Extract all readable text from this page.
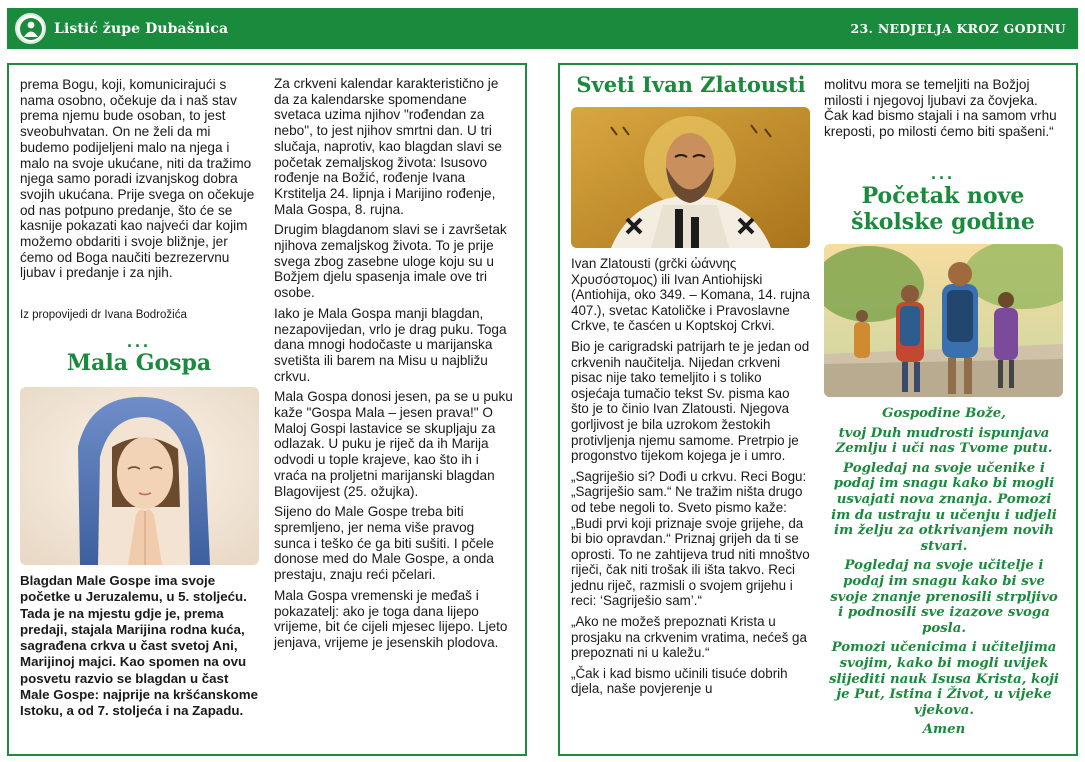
Listić župe Dubašnica	23. NEDJELJA KROZ GODINU

prema Bogu, koji, komunicirajući s nama osobno, očekuje da i naš stav prema njemu bude osoban, to jest sveobuhvatan. On ne želi da mi budemo podijeljeni malo na njega i malo na svoje ukućane, niti da tražimo njega samo poradi izvanjskog dobra svojih ukućana. Prije svega on očekuje od nas potpuno predanje, što će se kasnije pokazati kao najveći dar kojim možemo obdariti i svoje bližnje, jer ćemo od Boga naučiti bezrezervnu ljubav i predanje i za njih.

Iz propovijedi dr Ivana Bodrožića
...
Mala Gospa
Blagdan Male Gospe ima svoje početke u Jeruzalemu, u 5. stoljeću. Tada je na mjestu gdje je, prema predaji, stajala Marijina rodna kuća, sagrađena crkva u čast svetoj Ani, Marijinoj majci. Kao spomen na ovu posvetu razvio se blagdan u čast Male Gospe: najprije na kršćanskome Istoku, a od 7. stoljeća i na Zapadu.

Za crkveni kalendar karakteristično je da za kalendarske spomendane svetaca uzima njihov "rođendan za nebo", to jest njihov smrtni dan. U tri slučaja, naprotiv, kao blagdan slavi se početak zemaljskog života: Isusovo rođenje na Božić, rođenje Ivana Krstitelja 24. lipnja i Marijino rođenje, Mala Gospa, 8. rujna.

Drugim blagdanom slavi se i završetak njihova zemaljskog života. To je prije svega zbog zasebne uloge koju su u Božjem djelu spasenja imale ove tri osobe.

Iako je Mala Gospa manji blagdan, nezapovijedan, vrlo je drag puku. Toga dana mnogi hodočaste u marijanska svetišta ili barem na Misu u najbližu crkvu.

Mala Gospa donosi jesen, pa se u puku kaže "Gospa Mala – jesen prava!" O Maloj Gospi lastavice se skupljaju za odlazak. U puku je riječ da ih Marija odvodi u tople krajeve, kao što ih i vraća na proljetni marijanski blagdan Blagovijest (25. ožujka).

Sijeno do Male Gospe treba biti spremljeno, jer nema više pravog sunca i teško će ga biti sušiti. I pčele donose med do Male Gospe, a onda prestaju, znaju reći pčelari.

Mala Gospa vremenski je međaš i pokazatelj: ako je toga dana lijepo vrijeme, bit će cijeli mjesec lijepo. Ljeto jenjava, vrijeme je jesenskih plodova.

Sveti Ivan Zlatousti

Ivan Zlatousti (grčki ὠάννης Χρυσόστομος) ili Ivan Antiohijski (Antiohija, oko 349. – Komana, 14. rujna 407.), svetac Katoličke i Pravoslavne Crkve, te časćen u Koptskoj Crkvi.

Bio je carigradski patrijarh te je jedan od crkvenih naučitelja. Nijedan crkveni pisac nije tako temeljito i s toliko osjećaja tumačio tekst Sv. pisma kao što je to činio Ivan Zlatousti. Njegova gorljivost je bila uzrokom žestokih protivljenja njemu samome. Pretrpio je progonstvo tijekom kojega je i umro.

„Sagriješio si? Dođi u crkvu. Reci Bogu: „Sagriješio sam.“ Ne tražim ništa drugo od tebe negoli to. Sveto pismo kaže: „Budi prvi koji priznaje svoje grijehe, da bi bio opravdan.“ Priznaj grijeh da ti se oprosti. To ne zahtijeva trud niti mnoštvo riječi, čak niti trošak ili išta takvo. Reci jednu riječ, razmisli o svojem grijehu i reci: ‘Sagriješio sam’.“

„Ako ne možeš prepoznati Krista u prosjaku na crkvenim vratima, nećeš ga prepoznati ni u kaležu.“

„Čak i kad bismo učinili tisuće dobrih djela, naše povjerenje u

molitvu mora se temeljiti na Božjoj milosti i njegovoj ljubavi za čovjeka. Čak kad bismo stajali i na samom vrhu kreposti, po milosti ćemo biti spašeni.“

...
Početak nove
školske godine

Gospodine Bože,

tvoj Duh mudrosti ispunjava Zemlju i uči nas Tvome putu.

Pogledaj na svoje učenike i podaj im snagu kako bi mogli usvajati nova znanja. Pomozi im da ustraju u učenju i udjeli im želju za otkrivanjem novih stvari.

Pogledaj na svoje učitelje i podaj im snagu kako bi sve svoje znanje prenosili strpljivo i podnosili sve izazove svoga posla.

Pomozi učenicima i učiteljima svojim, kako bi mogli uvijek slijediti nauk Isusa Krista, koji je Put, Istina i Život, u vijeke vjekova.

Amen
